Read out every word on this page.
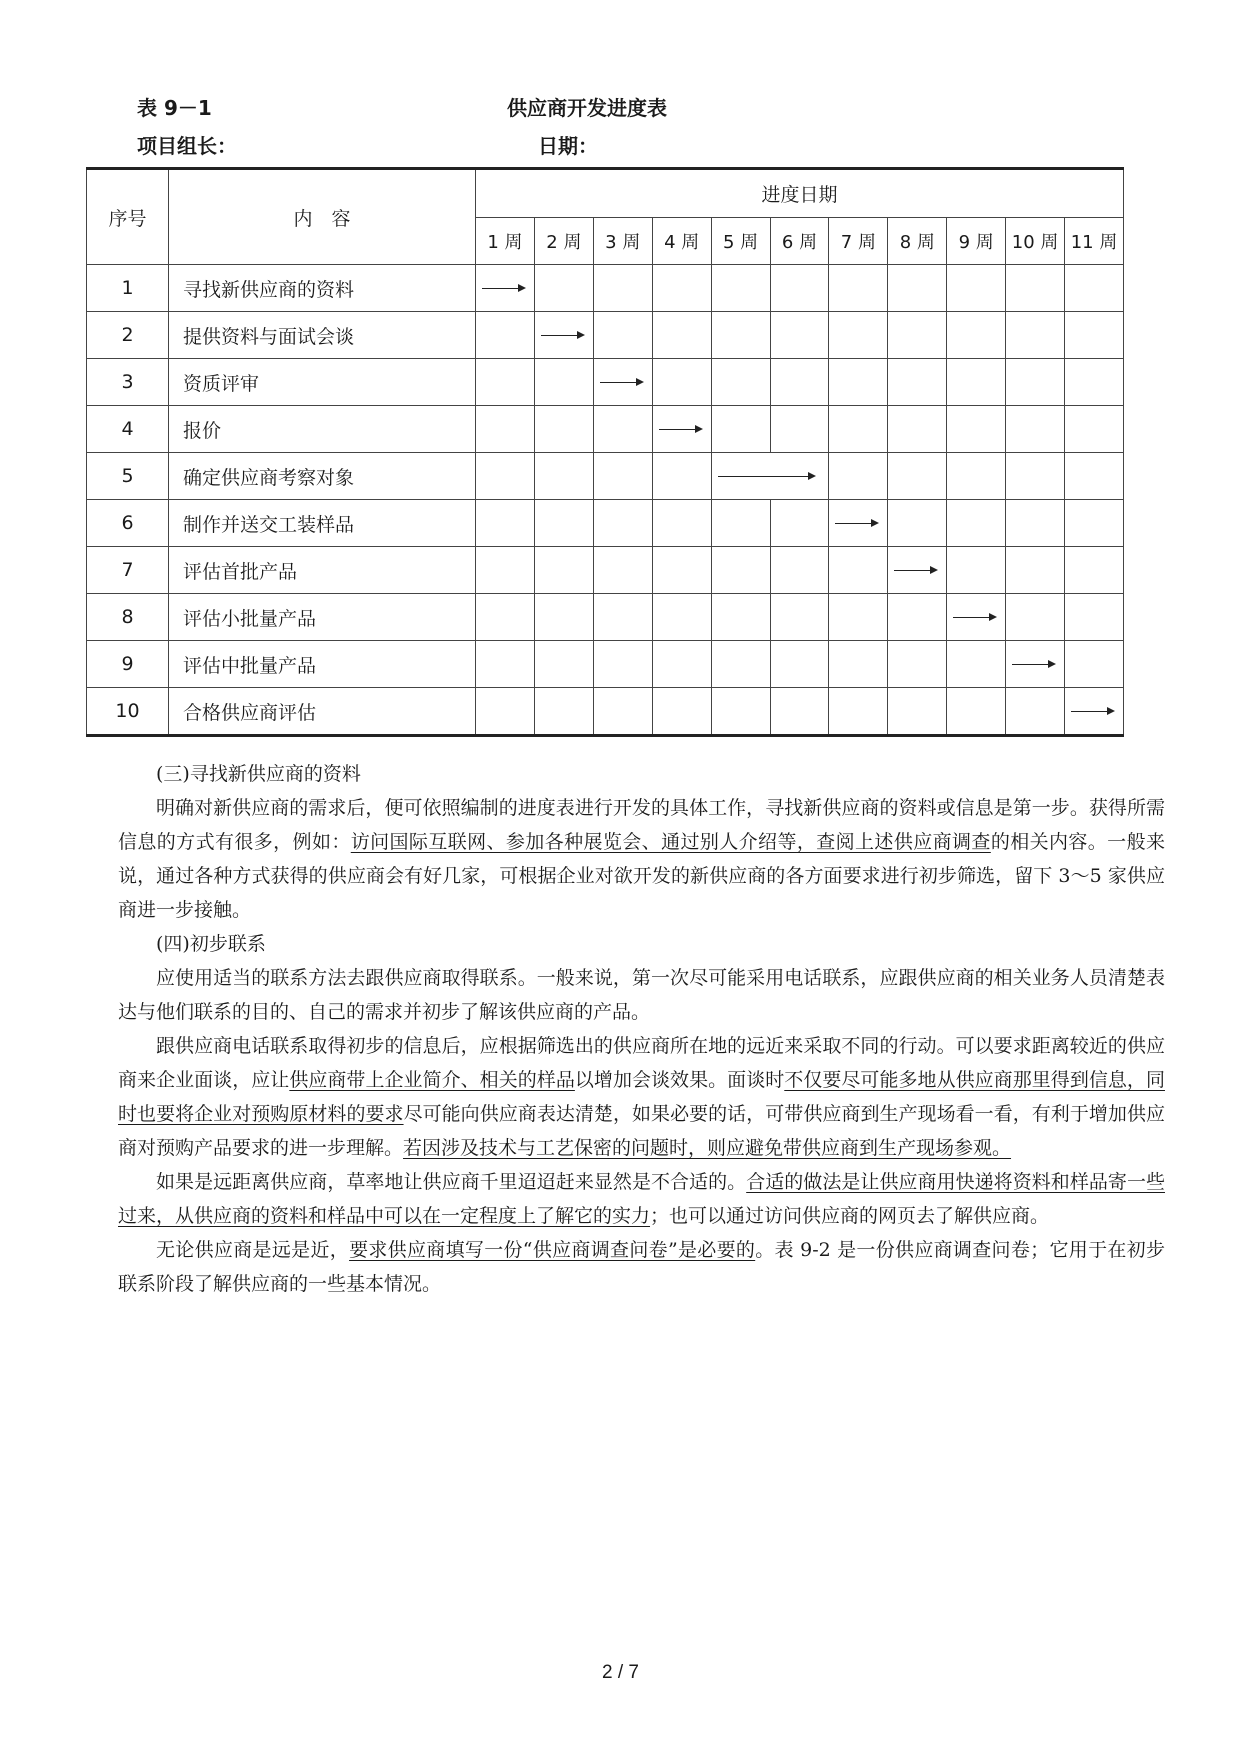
表 9－1	供应商开发进度表
项目组长：	日期：
序号	内　容	进度日期										
		1 周	2 周	3 周	4 周	5 周	6 周	7 周	8 周	9 周	10 周	11 周
1	寻找新供应商的资料	

2	提供资料与面试会谈		

3	资质评审			

4	报价				

5	确定供应商考察对象						

6	制作并送交工装样品							

7	评估首批产品								

8	评估小批量产品									

9	评估中批量产品										

10	合格供应商评估											
(三)寻找新供应商的资料

明确对新供应商的需求后，便可依照编制的进度表进行开发的具体工作，寻找新供应商的资料或信息是第一步。获得所需信息的方式有很多，例如：访问国际互联网、参加各种展览会、通过别人介绍等，查阅上述供应商调查的相关内容。一般来说，通过各种方式获得的供应商会有好几家，可根据企业对欲开发的新供应商的各方面要求进行初步筛选，留下 3～5 家供应商进一步接触。

(四)初步联系

应使用适当的联系方法去跟供应商取得联系。一般来说，第一次尽可能采用电话联系，应跟供应商的相关业务人员清楚表达与他们联系的目的、自己的需求并初步了解该供应商的产品。

跟供应商电话联系取得初步的信息后，应根据筛选出的供应商所在地的远近来采取不同的行动。可以要求距离较近的供应商来企业面谈，应让供应商带上企业简介、相关的样品以增加会谈效果。面谈时不仅要尽可能多地从供应商那里得到信息，同时也要将企业对预购原材料的要求尽可能向供应商表达清楚，如果必要的话，可带供应商到生产现场看一看，有利于增加供应商对预购产品要求的进一步理解。若因涉及技术与工艺保密的问题时，则应避免带供应商到生产现场参观。

如果是远距离供应商，草率地让供应商千里迢迢赶来显然是不合适的。合适的做法是让供应商用快递将资料和样品寄一些过来，从供应商的资料和样品中可以在一定程度上了解它的实力；也可以通过访问供应商的网页去了解供应商。

无论供应商是远是近，要求供应商填写一份“供应商调查问卷”是必要的。表 9-2 是一份供应商调查问卷；它用于在初步联系阶段了解供应商的一些基本情况。

2 / 7
